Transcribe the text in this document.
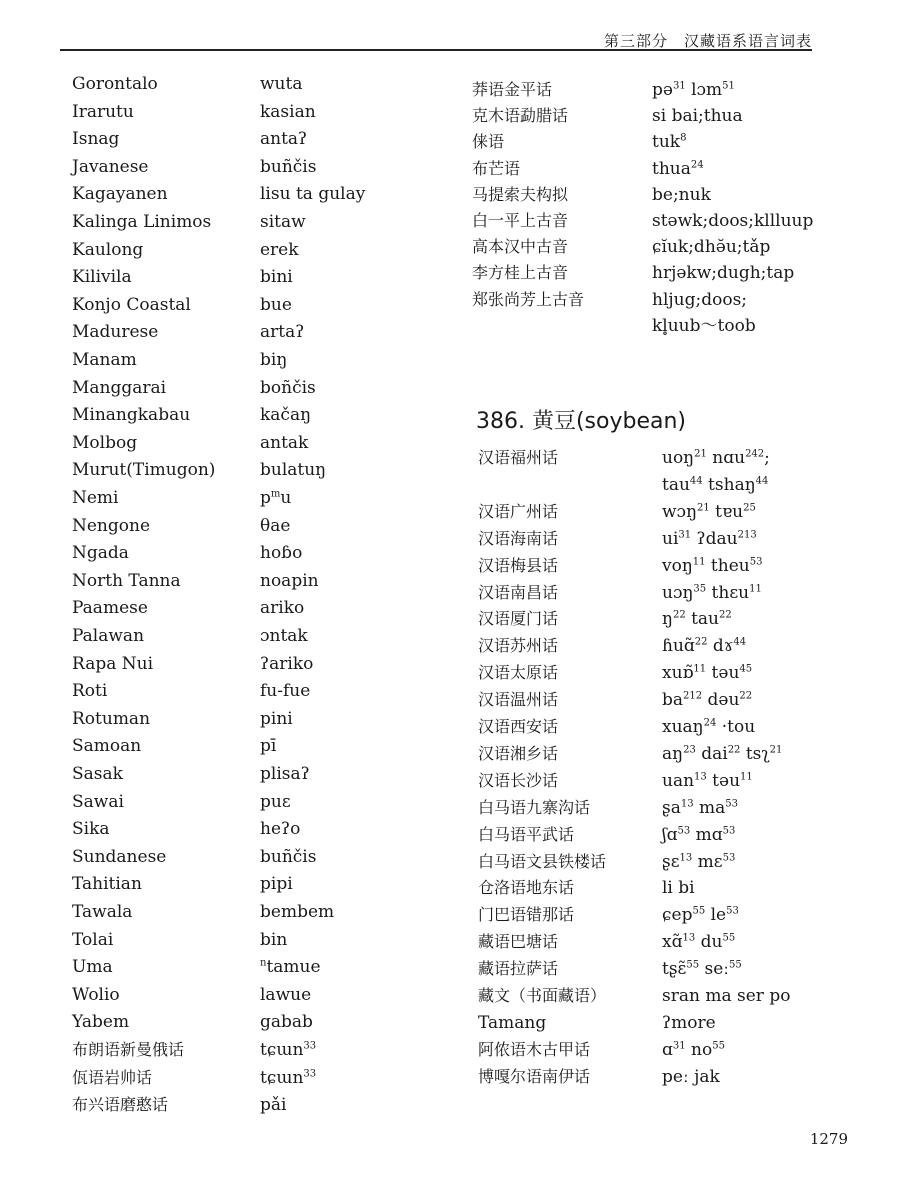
第三部分　汉藏语系语言词表
Gorontalo	wuta
Irarutu	kasian
Isnag	antaʔ
Javanese	buñčis
Kagayanen	lisu ta gulay
Kalinga Linimos	sitaw
Kaulong	erek
Kilivila	bini
Konjo Coastal	bue
Madurese	artaʔ
Manam	biŋ
Manggarai	boñčis
Minangkabau	kačaŋ
Molbog	antak
Murut(Timugon)	bulatuŋ
Nemi	$p^mu$
Nengone	θae
Ngada	hoɓo
North Tanna	noapin
Paamese	ariko
Palawan	ɔntak
Rapa Nui	ʔariko
Roti	fu-fue
Rotuman	pini
Samoan	pī
Sasak	plisaʔ
Sawai	puɛ
Sika	heʔo
Sundanese	buñčis
Tahitian	pipi
Tawala	bembem
Tolai	bin
Uma	$^n$tamue
Wolio	lawue
Yabem	gabab
布朗语新曼俄话	tɕɯn$^{33}$
佤语岩帅话	tɕɯn$^{33}$
布兴语磨憨话	pǎi
莽语金平话	pə$^{31}$ lɔm$^{51}$
克木语勐腊话	si bai;thua
俫语	tuk$^8$
布芒语	thua$^{24}$
马提索夫构拟	be;nuk
白一平上古音	stəwk;doos;kllluup
高本汉中古音	ɕĭuk;dhə̆u;tǎp
李方桂上古音	hrjəkw;dugh;tap
郑张尚芳上古音	hljug;doos;
kl̥uub～toob
386. 黄豆(soybean)
汉语福州话	uoŋ$^{21}$ nɑu$^{242}$;
tau$^{44}$ tshaŋ$^{44}$
汉语广州话	wɔŋ$^{21}$ tɐu$^{25}$
汉语海南话	$ui^{31}$ ʔdau$^{213}$
汉语梅县话	voŋ$^{11}$ theu$^{53}$
汉语南昌话	uɔŋ$^{35}$ thɛu$^{11}$
汉语厦门话	$ŋ^{22}$ tau$^{22}$
汉语苏州话	ɦuɑ̃$^{22}$ dɤ$^{44}$
汉语太原话	xuɒ̃$^{11}$ təu$^{45}$
汉语温州话	$ba^{212}$ dəu$^{22}$
汉语西安话	xuaŋ$^{24}$ ·tou
汉语湘乡话	$aŋ^{23}$ dai$^{22}$ tsʅ$^{21}$
汉语长沙话	uan$^{13}$ təu$^{11}$
白马语九寨沟话	ʂa$^{13}$ $ma^{53}$
白马语平武话	ʃɑ$^{53}$ mɑ$^{53}$
白马语文县铁楼话	ʂɛ$^{13}$ mɛ$^{53}$
仓洛语地东话	li bi
门巴语错那话	ɕep$^{55}$ $le^{53}$
藏语巴塘话	xɑ̃$^{13}$ $du^{55}$
藏语拉萨话	tʂɛ̃$^{55}$ seː$^{55}$
藏文（书面藏语）	sran ma ser po
Tamang	ʔmore
阿侬语木古甲话	ɑ$^{31}$ $no^{55}$
博嘎尔语南伊话	peː jak
1279
